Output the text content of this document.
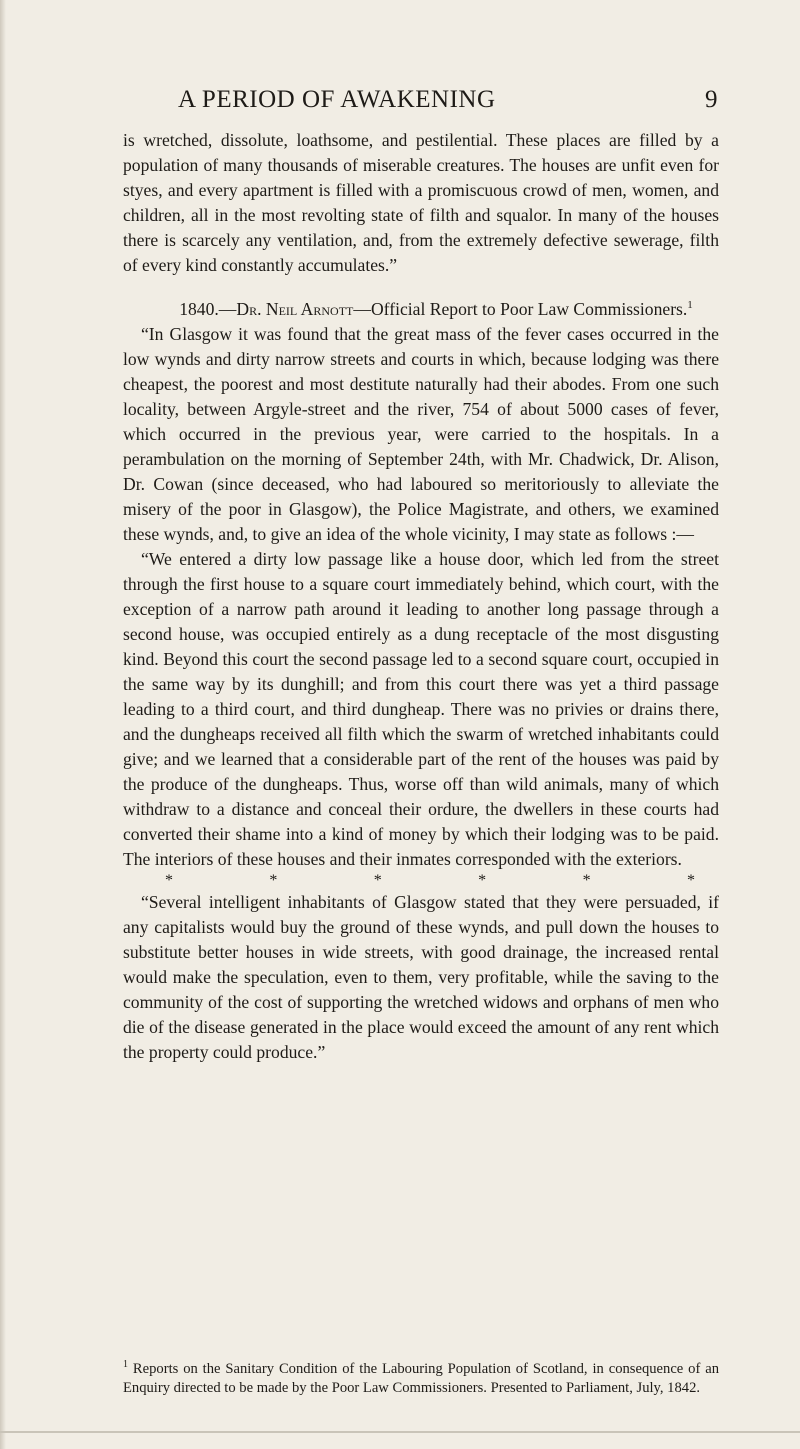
A PERIOD OF AWAKENING	9

is wretched, dissolute, loathsome, and pestilential. These places are filled by a population of many thousands of miserable creatures. The houses are unfit even for styes, and every apartment is filled with a promiscuous crowd of men, women, and children, all in the most revolting state of filth and squalor. In many of the houses there is scarcely any ventilation, and, from the extremely defective sewerage, filth of every kind constantly accumulates.”

1840.—Dr. Neil Arnott—Official Report to Poor Law Commissioners.$^1$

“In Glasgow it was found that the great mass of the fever cases occurred in the low wynds and dirty narrow streets and courts in which, because lodging was there cheapest, the poorest and most destitute naturally had their abodes. From one such locality, between Argyle-street and the river, 754 of about 5000 cases of fever, which occurred in the previous year, were carried to the hospitals. In a perambulation on the morning of September 24th, with Mr. Chadwick, Dr. Alison, Dr. Cowan (since deceased, who had laboured so meritoriously to alleviate the misery of the poor in Glasgow), the Police Magistrate, and others, we examined these wynds, and, to give an idea of the whole vicinity, I may state as follows :—

“We entered a dirty low passage like a house door, which led from the street through the first house to a square court immediately behind, which court, with the exception of a narrow path around it leading to another long passage through a second house, was occupied entirely as a dung receptacle of the most disgusting kind. Beyond this court the second passage led to a second square court, occupied in the same way by its dunghill; and from this court there was yet a third passage leading to a third court, and third dungheap. There was no privies or drains there, and the dungheaps received all filth which the swarm of wretched inhabitants could give; and we learned that a considerable part of the rent of the houses was paid by the produce of the dungheaps. Thus, worse off than wild animals, many of which withdraw to a distance and conceal their ordure, the dwellers in these courts had converted their shame into a kind of money by which their lodging was to be paid. The interiors of these houses and their inmates corresponded with the exteriors.

*	*	*	*	*	*

“Several intelligent inhabitants of Glasgow stated that they were persuaded, if any capitalists would buy the ground of these wynds, and pull down the houses to substitute better houses in wide streets, with good drainage, the increased rental would make the speculation, even to them, very profitable, while the saving to the community of the cost of supporting the wretched widows and orphans of men who die of the disease generated in the place would exceed the amount of any rent which the property could produce.”

$^1$ Reports on the Sanitary Condition of the Labouring Population of Scotland, in consequence of an Enquiry directed to be made by the Poor Law Commissioners. Presented to Parliament, July, 1842.
